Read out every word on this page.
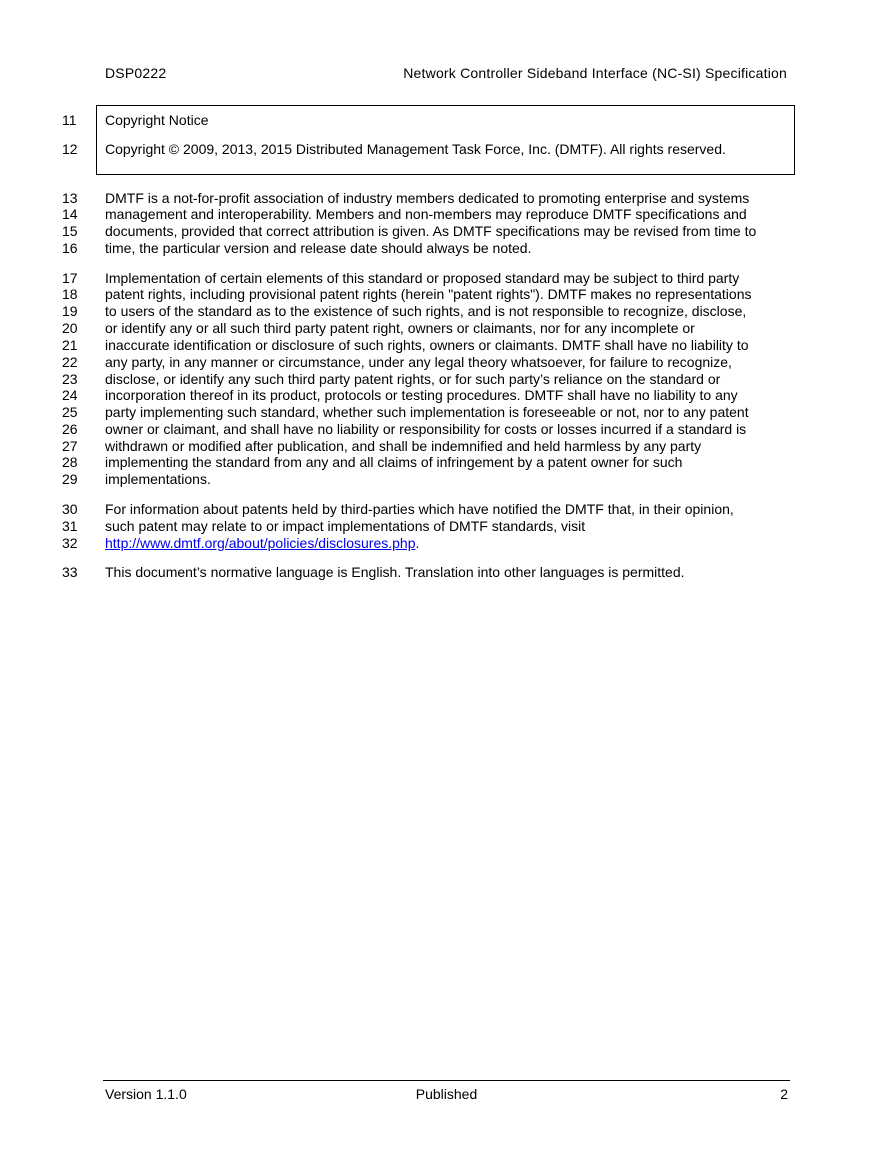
DSP0222	Network Controller Sideband Interface (NC-SI) Specification
11	Copyright Notice
12	Copyright © 2009, 2013, 2015 Distributed Management Task Force, Inc. (DMTF). All rights reserved.
13	DMTF is a not-for-profit association of industry members dedicated to promoting enterprise and systems
14	management and interoperability. Members and non-members may reproduce DMTF specifications and
15	documents, provided that correct attribution is given. As DMTF specifications may be revised from time to
16	time, the particular version and release date should always be noted.
17	Implementation of certain elements of this standard or proposed standard may be subject to third party
18	patent rights, including provisional patent rights (herein "patent rights"). DMTF makes no representations
19	to users of the standard as to the existence of such rights, and is not responsible to recognize, disclose,
20	or identify any or all such third party patent right, owners or claimants, nor for any incomplete or
21	inaccurate identification or disclosure of such rights, owners or claimants. DMTF shall have no liability to
22	any party, in any manner or circumstance, under any legal theory whatsoever, for failure to recognize,
23	disclose, or identify any such third party patent rights, or for such party’s reliance on the standard or
24	incorporation thereof in its product, protocols or testing procedures. DMTF shall have no liability to any
25	party implementing such standard, whether such implementation is foreseeable or not, nor to any patent
26	owner or claimant, and shall have no liability or responsibility for costs or losses incurred if a standard is
27	withdrawn or modified after publication, and shall be indemnified and held harmless by any party
28	implementing the standard from any and all claims of infringement by a patent owner for such
29	implementations.
30	For information about patents held by third-parties which have notified the DMTF that, in their opinion,
31	such patent may relate to or impact implementations of DMTF standards, visit
32	http://www.dmtf.org/about/policies/disclosures.php.
33	This document’s normative language is English. Translation into other languages is permitted.
Version 1.1.0	Published	2
